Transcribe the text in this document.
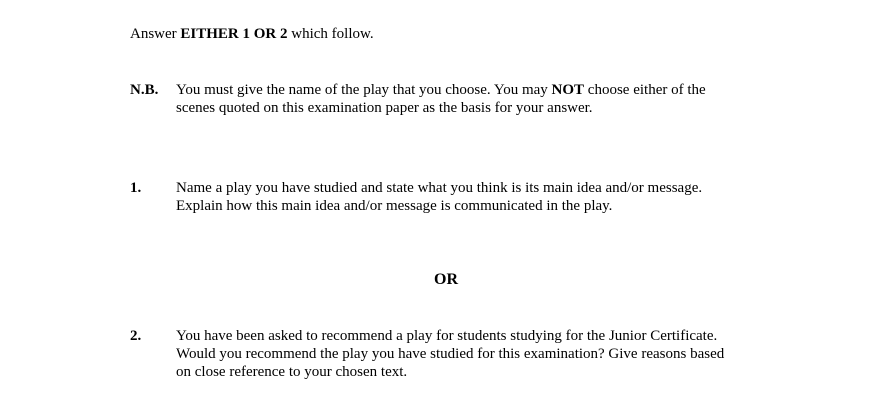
Answer EITHER 1 OR 2 which follow.
N.B. You must give the name of the play that you choose. You may NOT choose either of the
scenes quoted on this examination paper as the basis for your answer.
1. Name a play you have studied and state what you think is its main idea and/or message.
Explain how this main idea and/or message is communicated in the play.
OR
2. You have been asked to recommend a play for students studying for the Junior Certificate.
Would you recommend the play you have studied for this examination? Give reasons based
on close reference to your chosen text.
